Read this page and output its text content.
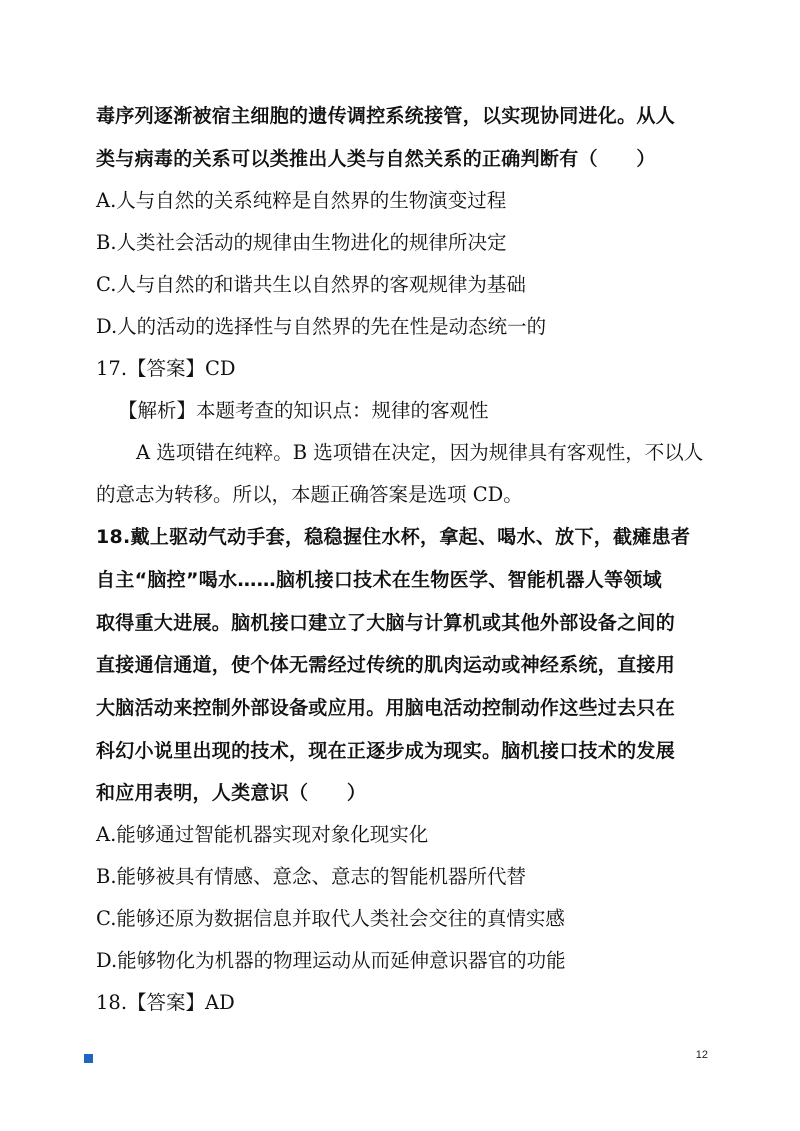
毒序列逐渐被宿主细胞的遗传调控系统接管，以实现协同进化。从人
类与病毒的关系可以类推出人类与自然关系的正确判断有（　　）
A.人与自然的关系纯粹是自然界的生物演变过程
B.人类社会活动的规律由生物进化的规律所决定
C.人与自然的和谐共生以自然界的客观规律为基础
D.人的活动的选择性与自然界的先在性是动态统一的
17.【答案】CD
【解析】本题考查的知识点：规律的客观性
A 选项错在纯粹。B 选项错在决定，因为规律具有客观性，不以人
的意志为转移。所以，本题正确答案是选项 CD。
18.戴上驱动气动手套，稳稳握住水杯，拿起、喝水、放下，截瘫患者
自主“脑控”喝水……脑机接口技术在生物医学、智能机器人等领域
取得重大进展。脑机接口建立了大脑与计算机或其他外部设备之间的
直接通信通道，使个体无需经过传统的肌肉运动或神经系统，直接用
大脑活动来控制外部设备或应用。用脑电活动控制动作这些过去只在
科幻小说里出现的技术，现在正逐步成为现实。脑机接口技术的发展
和应用表明，人类意识（　　）
A.能够通过智能机器实现对象化现实化
B.能够被具有情感、意念、意志的智能机器所代替
C.能够还原为数据信息并取代人类社会交往的真情实感
D.能够物化为机器的物理运动从而延伸意识器官的功能
18.【答案】AD
12
